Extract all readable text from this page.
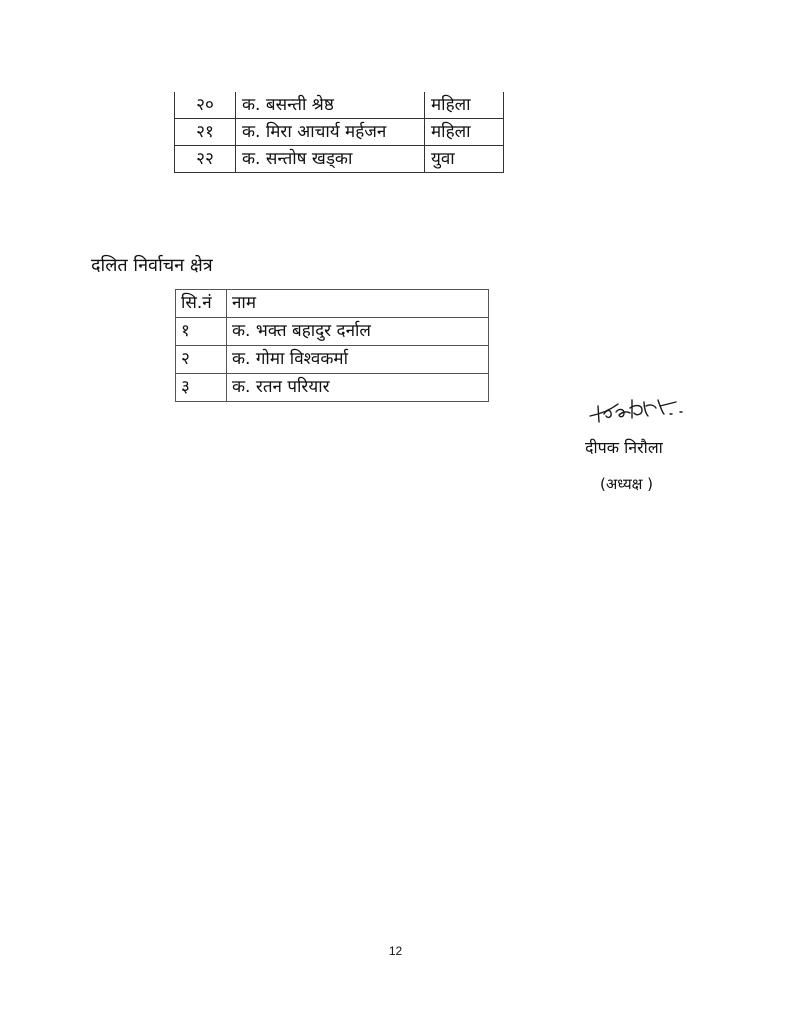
२०	क. बसन्ती श्रेष्ठ	महिला
२१	क. मिरा आचार्य मर्हजन	महिला
२२	क. सन्तोष खड्का	युवा
दलित निर्वाचन क्षेत्र
सि.नं	नाम
१	क. भक्त बहादुर दर्नाल
२	क. गोमा विश्वकर्मा
३	क. रतन परियार
दीपक निरौला
(अध्यक्ष )
12
